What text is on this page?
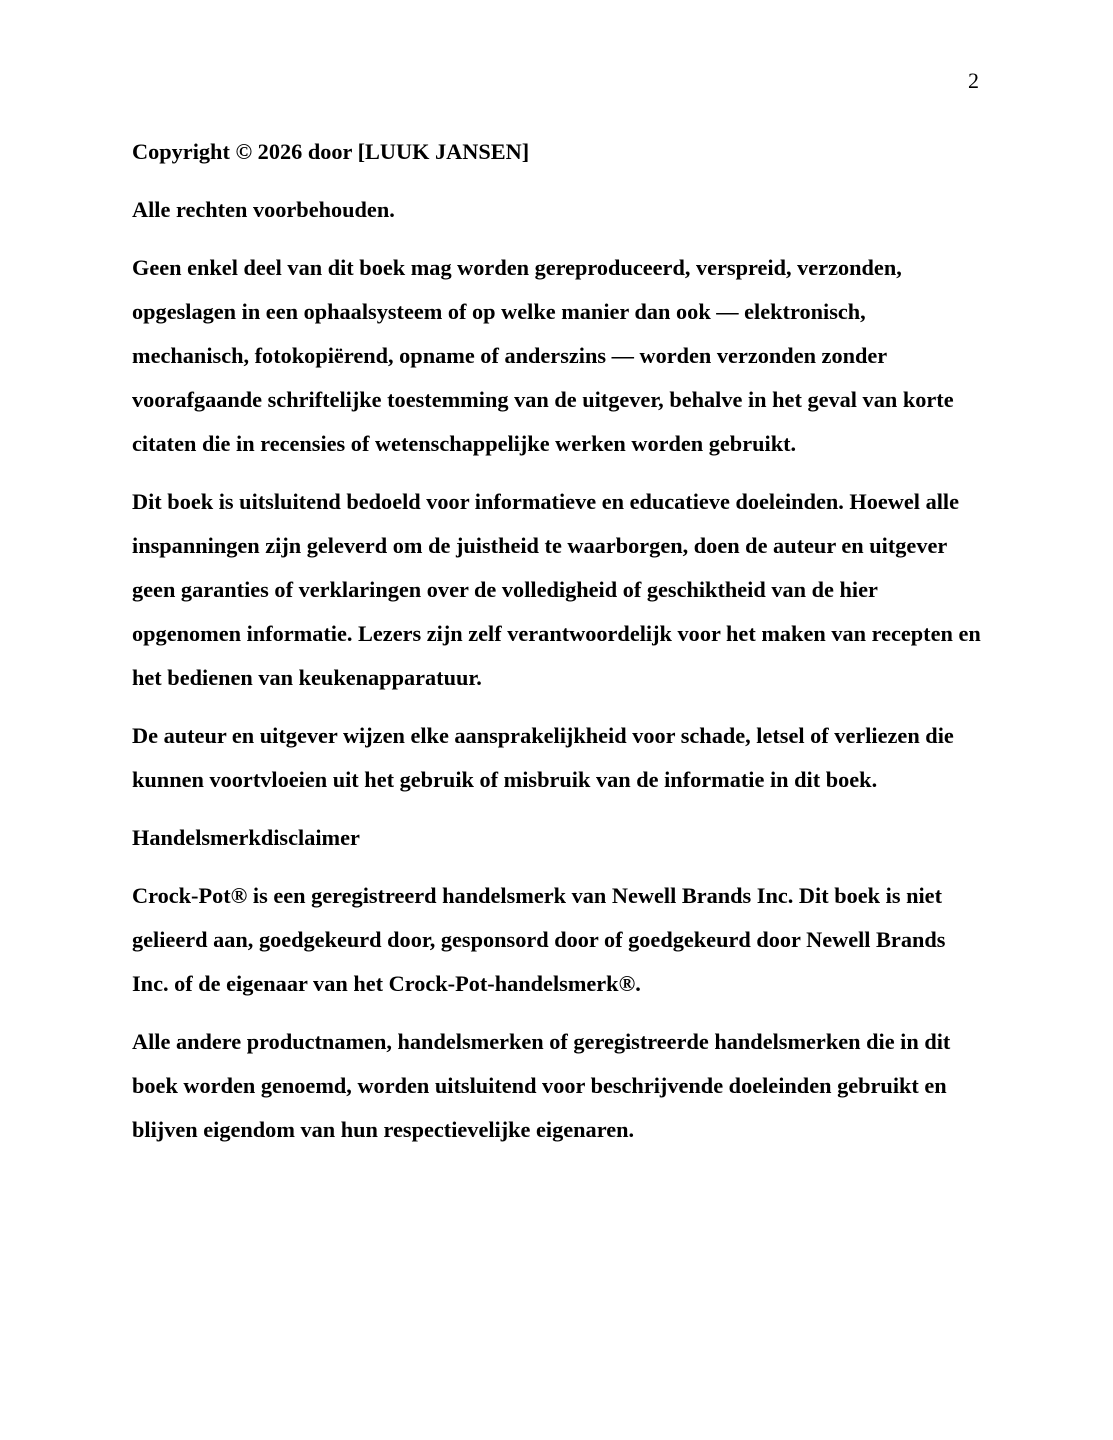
2

Copyright © 2026 door [LUUK JANSEN]

Alle rechten voorbehouden.

Geen enkel deel van dit boek mag worden gereproduceerd, verspreid, verzonden, opgeslagen in een ophaalsysteem of op welke manier dan ook — elektronisch, mechanisch, fotokopiërend, opname of anderszins — worden verzonden zonder voorafgaande schriftelijke toestemming van de uitgever, behalve in het geval van korte citaten die in recensies of wetenschappelijke werken worden gebruikt.

Dit boek is uitsluitend bedoeld voor informatieve en educatieve doeleinden. Hoewel alle inspanningen zijn geleverd om de juistheid te waarborgen, doen de auteur en uitgever geen garanties of verklaringen over de volledigheid of geschiktheid van de hier opgenomen informatie. Lezers zijn zelf verantwoordelijk voor het maken van recepten en het bedienen van keukenapparatuur.

De auteur en uitgever wijzen elke aansprakelijkheid voor schade, letsel of verliezen die kunnen voortvloeien uit het gebruik of misbruik van de informatie in dit boek.

Handelsmerkdisclaimer

Crock-Pot® is een geregistreerd handelsmerk van Newell Brands Inc. Dit boek is niet gelieerd aan, goedgekeurd door, gesponsord door of goedgekeurd door Newell Brands Inc. of de eigenaar van het Crock-Pot-handelsmerk®.

Alle andere productnamen, handelsmerken of geregistreerde handelsmerken die in dit boek worden genoemd, worden uitsluitend voor beschrijvende doeleinden gebruikt en blijven eigendom van hun respectievelijke eigenaren.
